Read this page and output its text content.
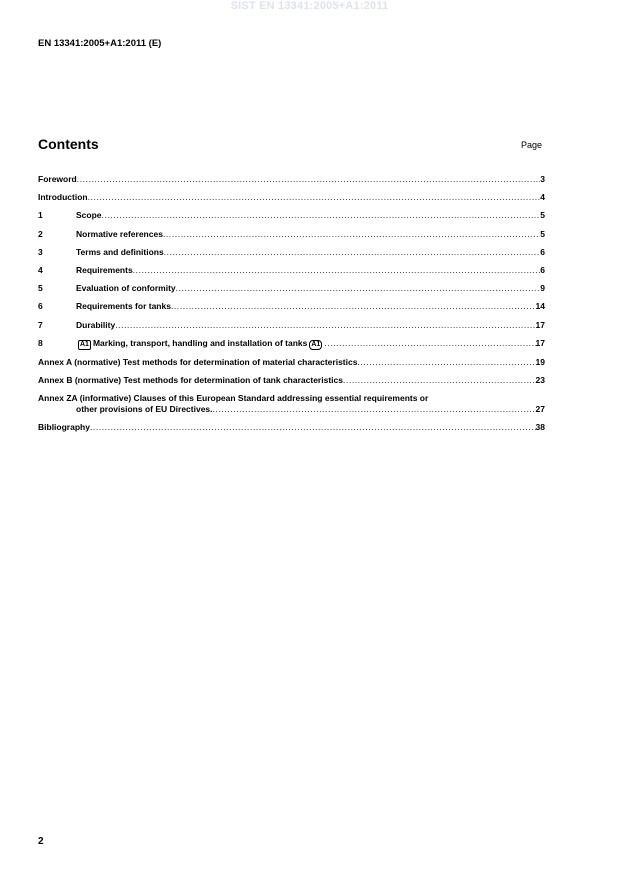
SIST EN 13341:2005+A1:2011
EN 13341:2005+A1:2011 (E)
Contents	Page
Foreword .....	3
Introduction .....	4
1	Scope .....	5
2	Normative references .....	5
3	Terms and definitions .....	6
4	Requirements .....	6
5	Evaluation of conformity .....	9
6	Requirements for tanks .....	14
7	Durability .....	17
8	A1 Marking, transport, handling and installation of tanks A1 .....	17
Annex A (normative) Test methods for determination of material characteristics .....	19
Annex B (normative) Test methods for determination of tank characteristics .....	23
Annex ZA (informative) Clauses of this European Standard addressing essential requirements or
other provisions of EU Directives. .....	27
Bibliography .....	38
2
